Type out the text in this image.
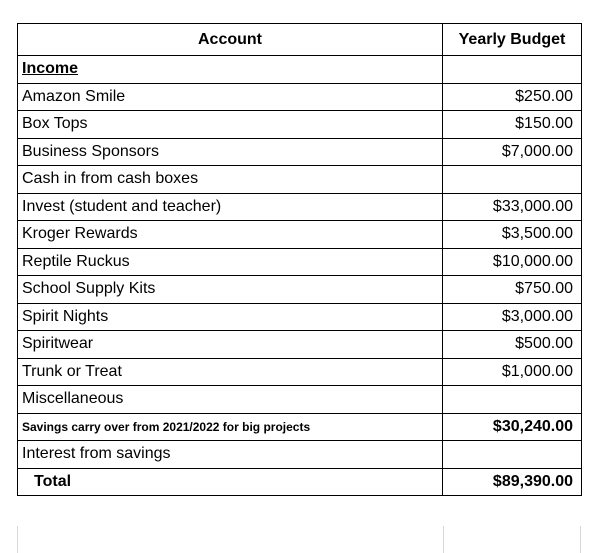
Account	Yearly Budget
Income	
Amazon Smile	$250.00
Box Tops	$150.00
Business Sponsors	$7,000.00
Cash in from cash boxes	
Invest (student and teacher)	$33,000.00
Kroger Rewards	$3,500.00
Reptile Ruckus	$10,000.00
School Supply Kits	$750.00
Spirit Nights	$3,000.00
Spiritwear	$500.00
Trunk or Treat	$1,000.00
Miscellaneous	
Savings carry over from 2021/2022 for big projects	$30,240.00
Interest from savings	
Total	$89,390.00
